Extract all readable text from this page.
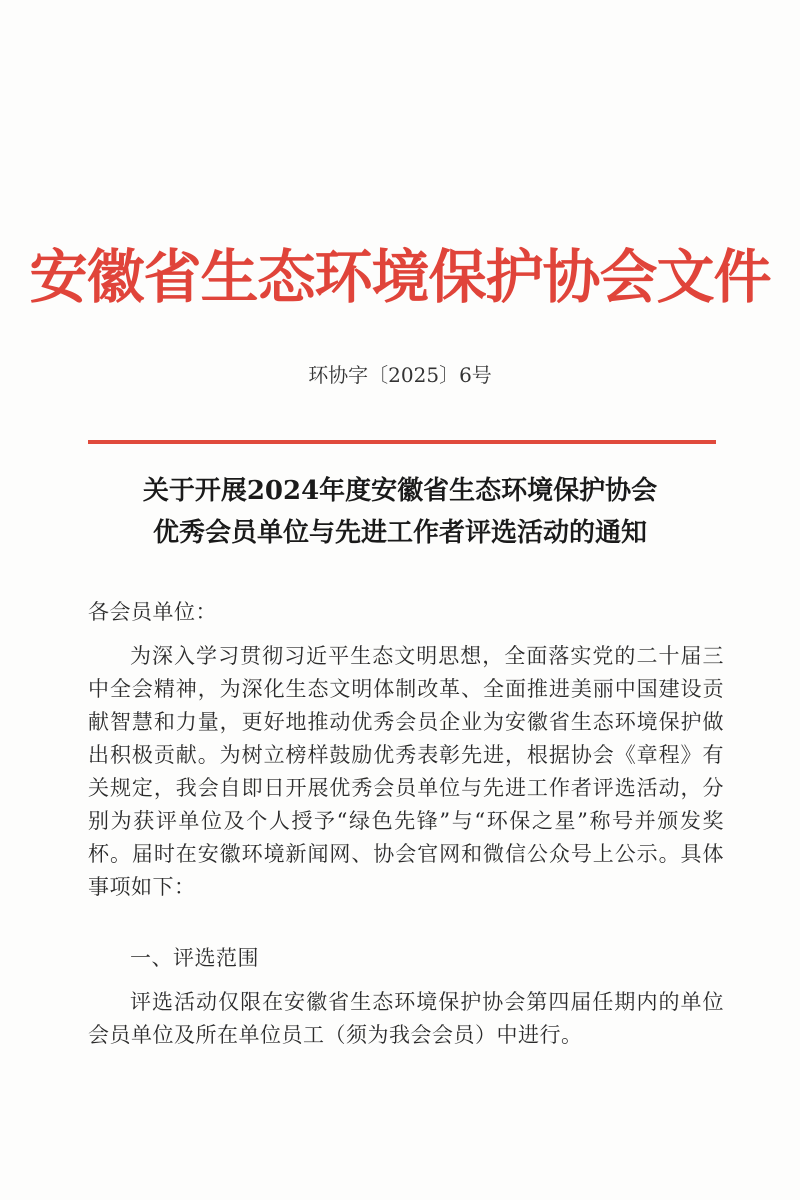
安徽省生态环境保护协会文件
环协字〔2025〕6号
关于开展2024年度安徽省生态环境保护协会
优秀会员单位与先进工作者评选活动的通知
各会员单位：
为深入学习贯彻习近平生态文明思想，全面落实党的二十届三中全会精神，为深化生态文明体制改革、全面推进美丽中国建设贡献智慧和力量，更好地推动优秀会员企业为安徽省生态环境保护做出积极贡献。为树立榜样鼓励优秀表彰先进，根据协会《章程》有关规定，我会自即日开展优秀会员单位与先进工作者评选活动，分别为获评单位及个人授予“绿色先锋”与“环保之星”称号并颁发奖杯。届时在安徽环境新闻网、协会官网和微信公众号上公示。具体事项如下：
一、评选范围
评选活动仅限在安徽省生态环境保护协会第四届任期内的单位会员单位及所在单位员工（须为我会会员）中进行。
